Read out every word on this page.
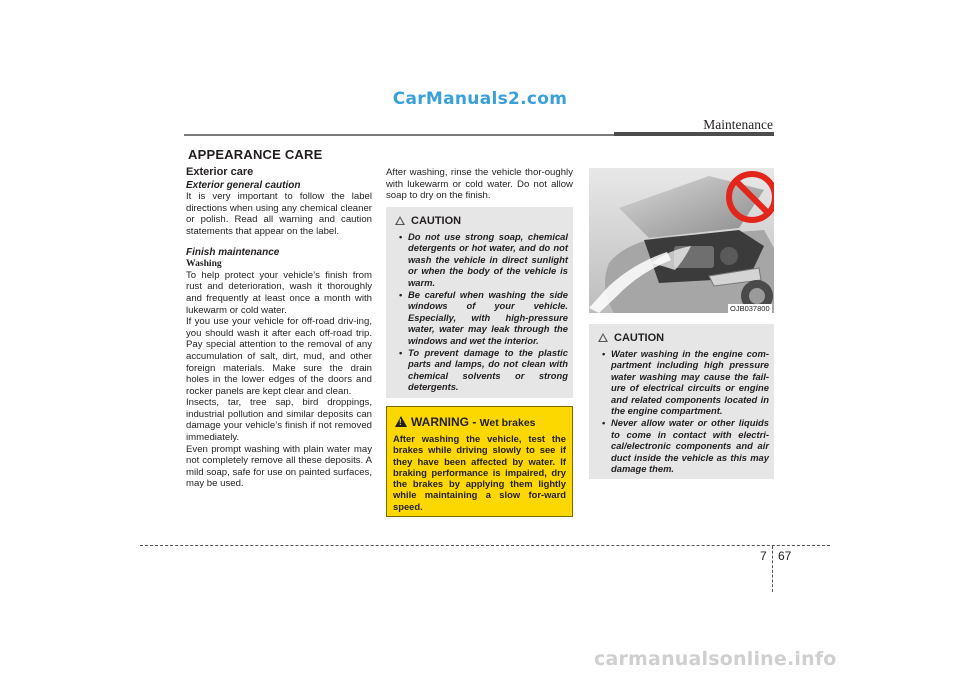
CarManuals2.com
Maintenance
APPEARANCE CARE
Exterior care
Exterior general caution

It is very important to follow the label directions when using any chemical cleaner or polish. Read all warning and caution statements that appear on the label.

Finish maintenance
Washing

To help protect your vehicle’s finish from rust and deterioration, wash it thoroughly and frequently at least once a month with lukewarm or cold water.

If you use your vehicle for off-road driv-ing, you should wash it after each off-road trip. Pay special attention to the removal of any accumulation of salt, dirt, mud, and other foreign materials. Make sure the drain holes in the lower edges of the doors and rocker panels are kept clear and clean.

Insects, tar, tree sap, bird droppings, industrial pollution and similar deposits can damage your vehicle’s finish if not removed immediately.

Even prompt washing with plain water may not completely remove all these deposits. A mild soap, safe for use on painted surfaces, may be used.

After washing, rinse the vehicle thor-oughly with lukewarm or cold water. Do not allow soap to dry on the finish.

CAUTION
• Do not use strong soap, chemical detergents or hot water, and do not wash the vehicle in direct sunlight or when the body of the vehicle is warm.
• Be careful when washing the side windows of your vehicle. Especially, with high-pressure water, water may leak through the windows and wet the interior.
• To prevent damage to the plastic parts and lamps, do not clean with chemical solvents or strong detergents.
!
WARNING - Wet brakes

After washing the vehicle, test the brakes while driving slowly to see if they have been affected by water. If braking performance is impaired, dry the brakes by applying them lightly while maintaining a slow for-ward speed.

OJB037800
CAUTION
• Water washing in the engine com-partment including high pressure water washing may cause the fail-ure of electrical circuits or engine and related components located in the engine compartment.
• Never allow water or other liquids to come in contact with electri-cal/electronic components and air duct inside the vehicle as this may damage them.
7 67
carmanualsonline.info
